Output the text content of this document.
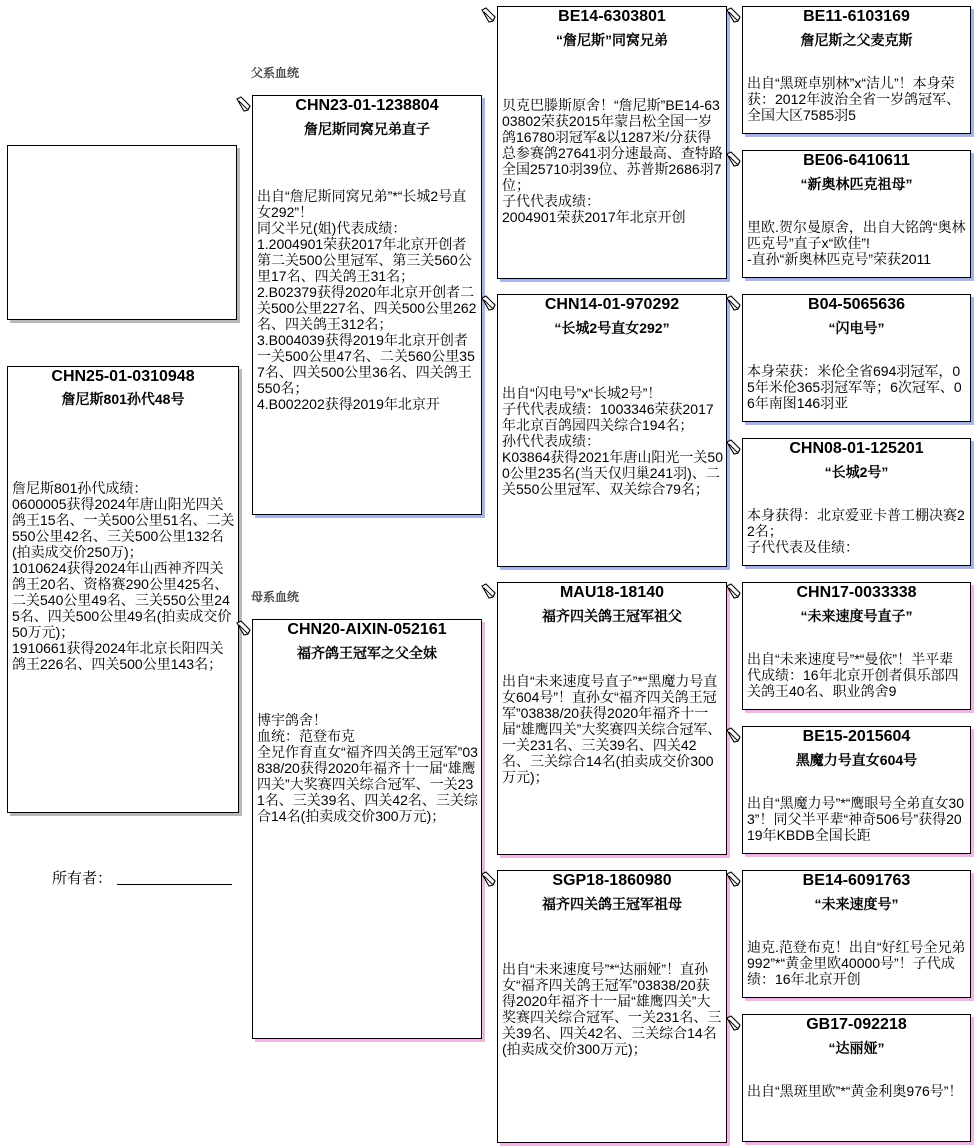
父系血统
母系血统
CHN25-01-0310948
詹尼斯801孙代48号
詹尼斯801孙代成绩：
0600005获得2024年唐山阳光四关鸽王15名、一关500公里51名、二关550公里42名、三关500公里132名(拍卖成交价250万)；
1010624获得2024年山西神齐四关鸽王20名、资格赛290公里425名、二关540公里49名、三关550公里245名、四关500公里49名(拍卖成交价50万元)；
1910661获得2024年北京长阳四关鸽王226名、四关500公里143名；
所有者：
CHN23-01-1238804
詹尼斯同窝兄弟直子
出自“詹尼斯同窝兄弟”*“长城2号直女292”！
同父半兄(姐)代表成绩：
1.2004901荣获2017年北京开创者第二关500公里冠军、第三关560公里17名、四关鸽王31名；
2.B02379获得2020年北京开创者二关500公里227名、四关500公里262名、四关鸽王312名；
3.B004039获得2019年北京开创者一关500公里47名、二关560公里357名、四关500公里36名、四关鸽王550名；
4.B002202获得2019年北京开
CHN20-AIXIN-052161
福齐鸽王冠军之父全妹
博宇鸽舍！
血统：范登布克
全兄作育直女“福齐四关鸽王冠军”03838/20获得2020年福齐十一届“雄鹰四关”大奖赛四关综合冠军、一关231名、三关39名、四关42名、三关综合14名(拍卖成交价300万元)；
BE14-6303801
“詹尼斯”同窝兄弟
贝克巴滕斯原舍！“詹尼斯”BE14-6303802荣获2015年蒙吕松全国一岁鸽16780羽冠军&以1287米/分获得总参赛鸽27641羽分速最高、查特路全国25710羽39位、苏普斯2686羽7位；
子代代表成绩：
2004901荣获2017年北京开创
CHN14-01-970292
“长城2号直女292”
出自“闪电号”x“长城2号”！
子代代表成绩：1003346荣获2017年北京百鸽园四关综合194名；
孙代代表成绩：
K03864获得2021年唐山阳光一关500公里235名(当天仅归巢241羽)、二关550公里冠军、双关综合79名；
MAU18-18140
福齐四关鸽王冠军祖父
出自“未来速度号直子”*“黑魔力号直女604号”！直孙女“福齐四关鸽王冠军”03838/20获得2020年福齐十一届“雄鹰四关”大奖赛四关综合冠军、一关231名、三关39名、四关42名、三关综合14名(拍卖成交价300万元)；
SGP18-1860980
福齐四关鸽王冠军祖母
出自“未来速度号”*“达丽娅”！直孙女“福齐四关鸽王冠军”03838/20获得2020年福齐十一届“雄鹰四关”大奖赛四关综合冠军、一关231名、三关39名、四关42名、三关综合14名(拍卖成交价300万元)；
BE11-6103169
詹尼斯之父麦克斯
出自“黑斑卓别林”x“洁儿”！本身荣获：2012年波治全省一岁鸽冠军、全国大区7585羽5
BE06-6410611
“新奥林匹克祖母”
里欧.贺尔曼原舍，出自大铭鸽“奥林匹克号”直子x“欧佳”!
-直孙“新奥林匹克号”荣获2011
B04-5065636
“闪电号”
本身荣获：米伦全省694羽冠军，05年米伦365羽冠军等；6次冠军、06年南图146羽亚
CHN08-01-125201
“长城2号”
本身获得：北京爱亚卡普工棚决赛22名；
子代代表及佳绩：
CHN17-0033338
“未来速度号直子”
出自“未来速度号”*“曼依”！半平辈代成绩：16年北京开创者俱乐部四关鸽王40名、职业鸽舍9
BE15-2015604
黑魔力号直女604号
出自“黑魔力号”*“鹰眼号全弟直女303”！同父半平辈“神奇506号”获得2019年KBDB全国长距
BE14-6091763
“未来速度号”
迪克.范登布克！出自“好红号全兄弟992”*“黄金里欧40000号”！子代成绩：16年北京开创
GB17-092218
“达丽娅”
出自“黑斑里欧”*“黄金利奥976号”！
